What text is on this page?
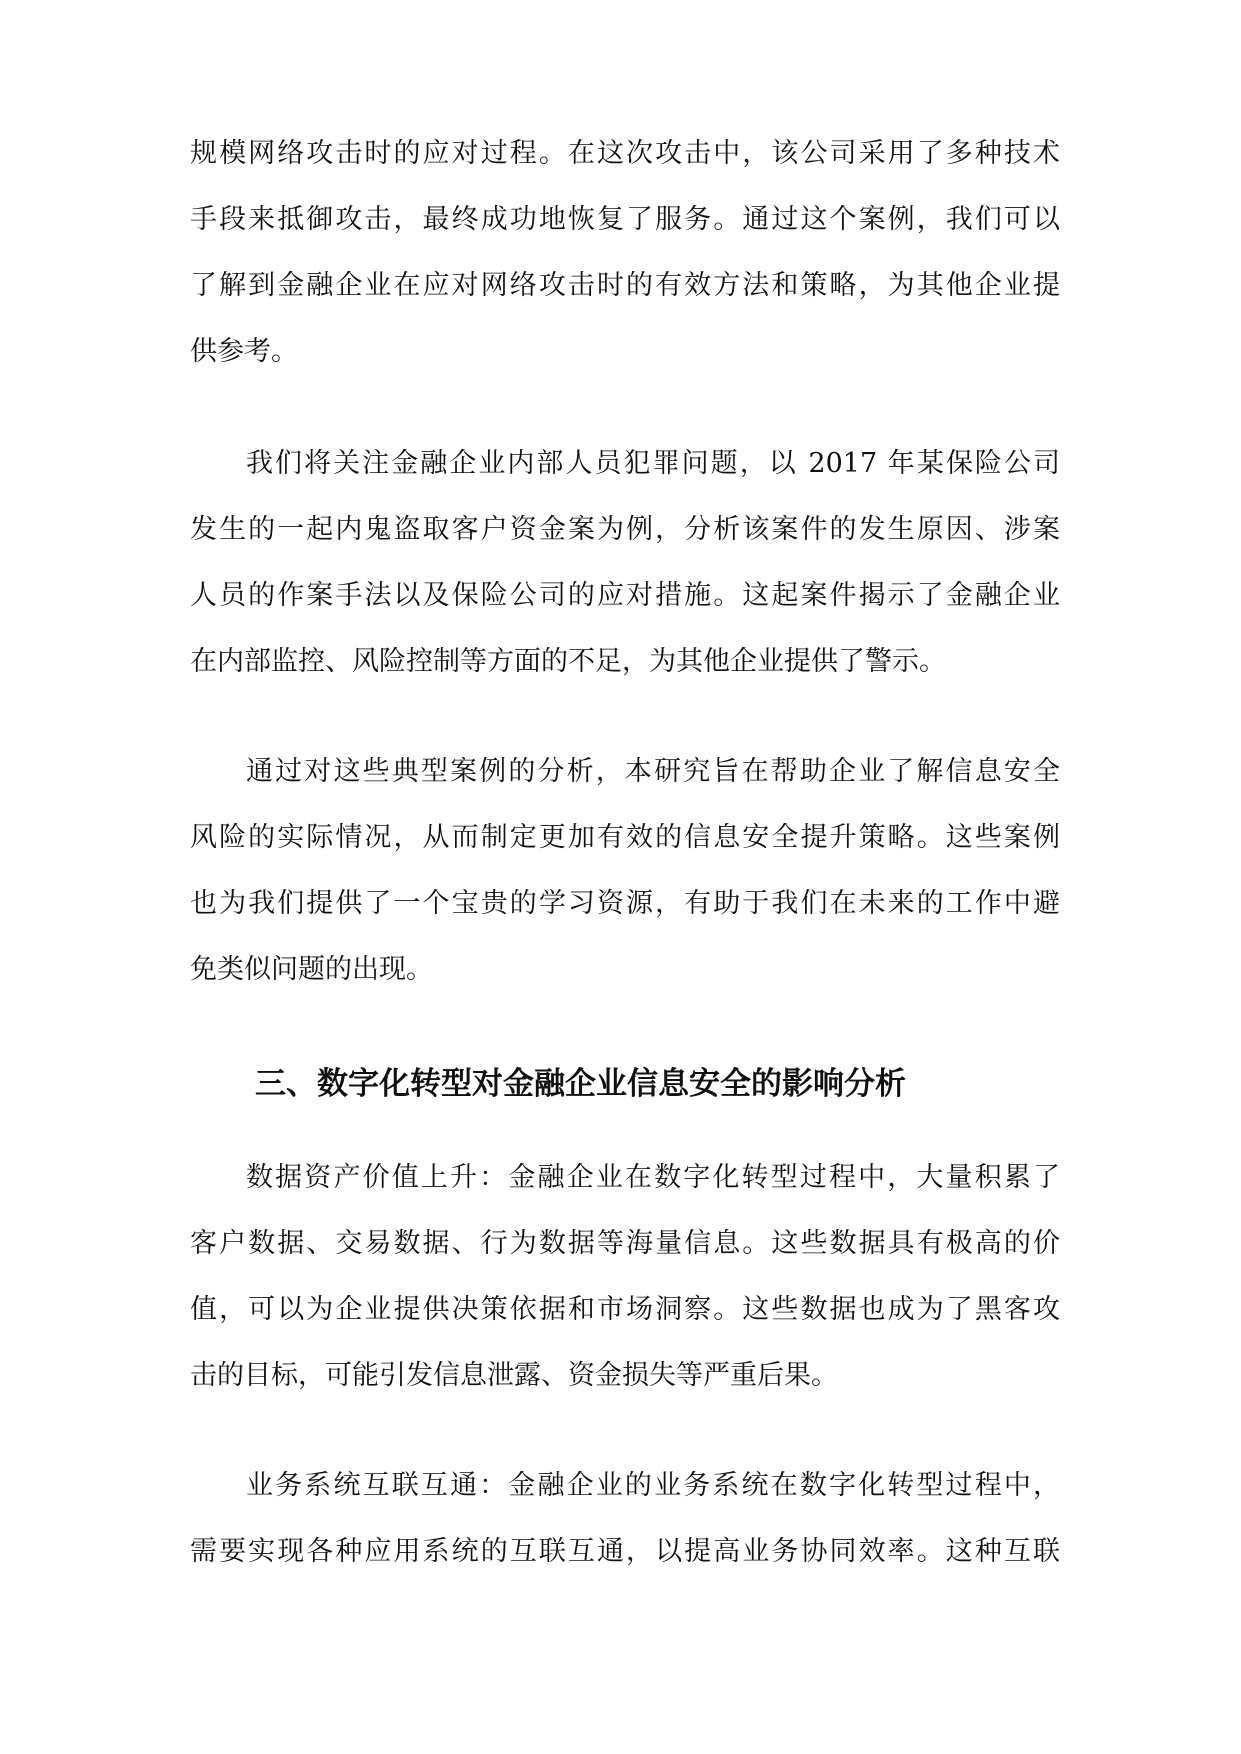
规模网络攻击时的应对过程。在这次攻击中，该公司采用了多种技术
手段来抵御攻击，最终成功地恢复了服务。通过这个案例，我们可以
了解到金融企业在应对网络攻击时的有效方法和策略，为其他企业提
供参考。
我们将关注金融企业内部人员犯罪问题，以 2017 年某保险公司
发生的一起内鬼盗取客户资金案为例，分析该案件的发生原因、涉案
人员的作案手法以及保险公司的应对措施。这起案件揭示了金融企业
在内部监控、风险控制等方面的不足，为其他企业提供了警示。
通过对这些典型案例的分析，本研究旨在帮助企业了解信息安全
风险的实际情况，从而制定更加有效的信息安全提升策略。这些案例
也为我们提供了一个宝贵的学习资源，有助于我们在未来的工作中避
免类似问题的出现。
三、数字化转型对金融企业信息安全的影响分析
数据资产价值上升：金融企业在数字化转型过程中，大量积累了
客户数据、交易数据、行为数据等海量信息。这些数据具有极高的价
值，可以为企业提供决策依据和市场洞察。这些数据也成为了黑客攻
击的目标，可能引发信息泄露、资金损失等严重后果。
业务系统互联互通：金融企业的业务系统在数字化转型过程中，
需要实现各种应用系统的互联互通，以提高业务协同效率。这种互联
